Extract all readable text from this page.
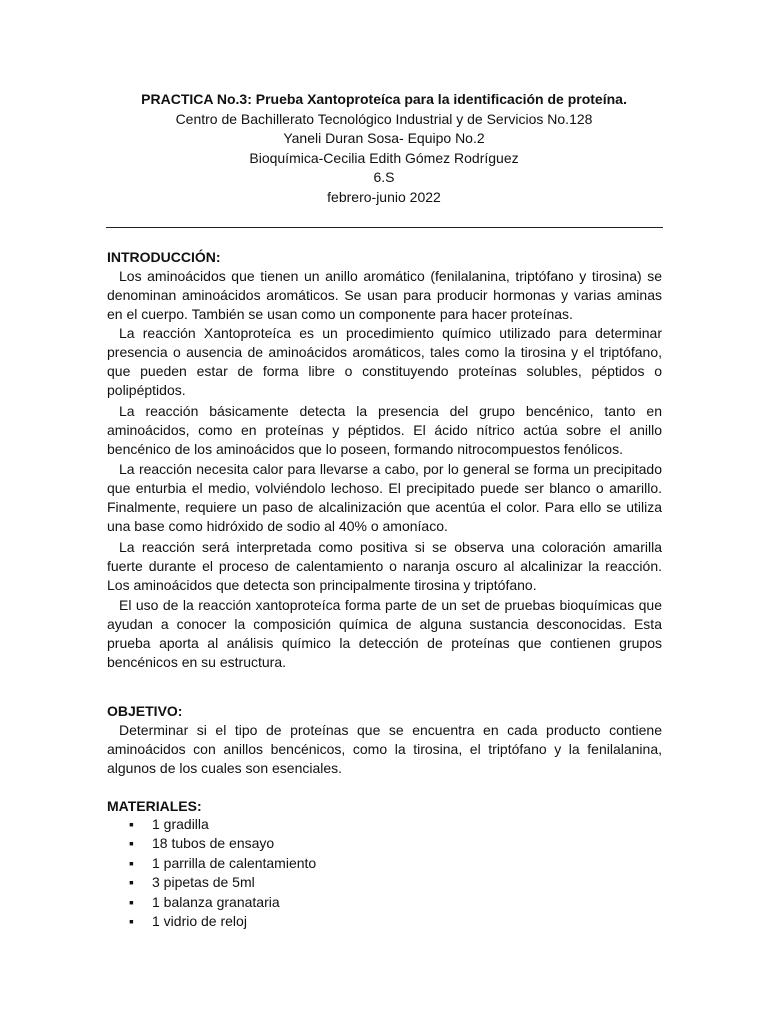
PRACTICA No.3: Prueba Xantoproteíca para la identificación de proteína.
Centro de Bachillerato Tecnológico Industrial y de Servicios No.128
Yaneli Duran Sosa- Equipo No.2
Bioquímica-Cecilia Edith Gómez Rodríguez
6.S
febrero-junio 2022
INTRODUCCIÓN:

Los aminoácidos que tienen un anillo aromático (fenilalanina, triptófano y tirosina) se denominan aminoácidos aromáticos. Se usan para producir hormonas y varias aminas en el cuerpo. También se usan como un componente para hacer proteínas.

La reacción Xantoproteíca es un procedimiento químico utilizado para determinar presencia o ausencia de aminoácidos aromáticos, tales como la tirosina y el triptófano, que pueden estar de forma libre o constituyendo proteínas solubles, péptidos o polipéptidos.

La reacción básicamente detecta la presencia del grupo bencénico, tanto en aminoácidos, como en proteínas y péptidos. El ácido nítrico actúa sobre el anillo bencénico de los aminoácidos que lo poseen, formando nitrocompuestos fenólicos.

La reacción necesita calor para llevarse a cabo, por lo general se forma un precipitado que enturbia el medio, volviéndolo lechoso. El precipitado puede ser blanco o amarillo. Finalmente, requiere un paso de alcalinización que acentúa el color. Para ello se utiliza una base como hidróxido de sodio al 40% o amoníaco.

La reacción será interpretada como positiva si se observa una coloración amarilla fuerte durante el proceso de calentamiento o naranja oscuro al alcalinizar la reacción. Los aminoácidos que detecta son principalmente tirosina y triptófano.

El uso de la reacción xantoproteíca forma parte de un set de pruebas bioquímicas que ayudan a conocer la composición química de alguna sustancia desconocidas. Esta prueba aporta al análisis químico la detección de proteínas que contienen grupos bencénicos en su estructura.

OBJETIVO:

Determinar si el tipo de proteínas que se encuentra en cada producto contiene aminoácidos con anillos bencénicos, como la tirosina, el triptófano y la fenilalanina, algunos de los cuales son esenciales.

MATERIALES:
▪ 1 gradilla
▪ 18 tubos de ensayo
▪ 1 parrilla de calentamiento
▪ 3 pipetas de 5ml
▪ 1 balanza granataria
▪ 1 vidrio de reloj
